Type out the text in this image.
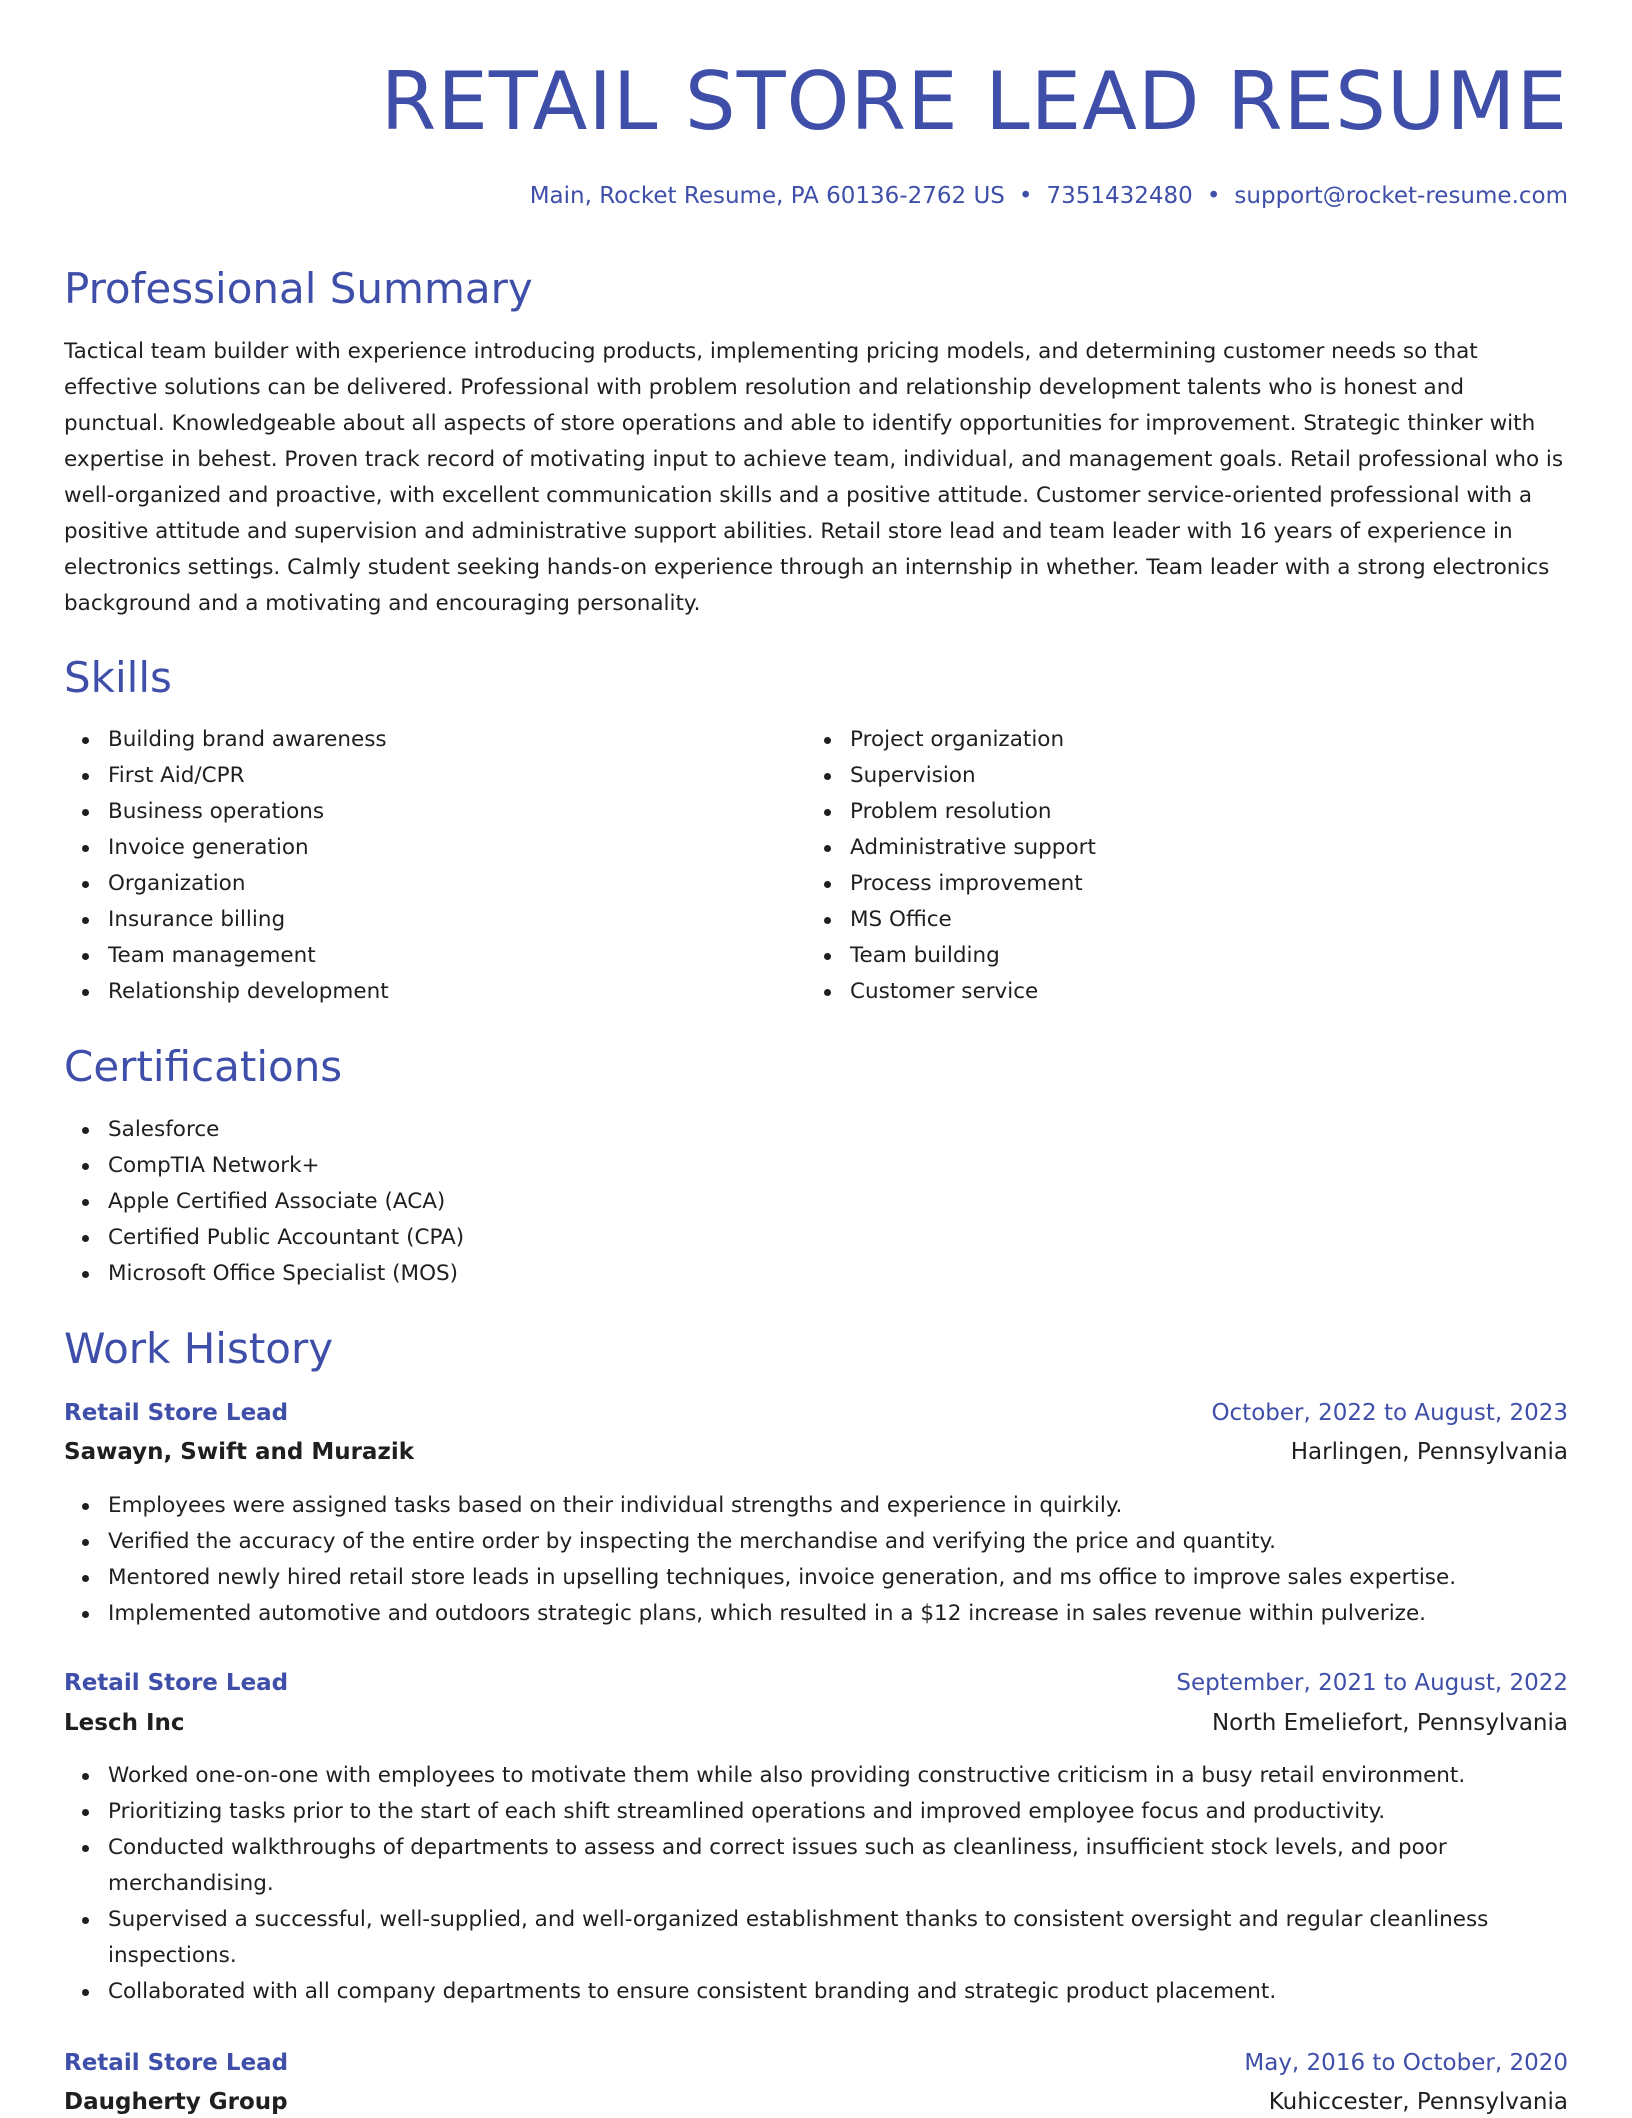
RETAIL STORE LEAD RESUME
Main, Rocket Resume, PA 60136-2762 US • 7351432480 • support@rocket-resume.com
Professional Summary

Tactical team builder with experience introducing products, implementing pricing models, and determining customer needs so that effective solutions can be delivered. Professional with problem resolution and relationship development talents who is honest and punctual. Knowledgeable about all aspects of store operations and able to identify opportunities for improvement. Strategic thinker with expertise in behest. Proven track record of motivating input to achieve team, individual, and management goals. Retail professional who is well-organized and proactive, with excellent communication skills and a positive attitude. Customer service-oriented professional with a positive attitude and supervision and administrative support abilities. Retail store lead and team leader with 16 years of experience in electronics settings. Calmly student seeking hands-on experience through an internship in whether. Team leader with a strong electronics background and a motivating and encouraging personality.

Skills
Building brand awareness
First Aid/CPR
Business operations
Invoice generation
Organization
Insurance billing
Team management
Relationship development
Project organization
Supervision
Problem resolution
Administrative support
Process improvement
MS Office
Team building
Customer service
Certifications
Salesforce
CompTIA Network+
Apple Certified Associate (ACA)
Certified Public Accountant (CPA)
Microsoft Office Specialist (MOS)
Work History
Retail Store Lead	October, 2022 to August, 2023
Sawayn, Swift and Murazik	Harlingen, Pennsylvania
Employees were assigned tasks based on their individual strengths and experience in quirkily.
Verified the accuracy of the entire order by inspecting the merchandise and verifying the price and quantity.
Mentored newly hired retail store leads in upselling techniques, invoice generation, and ms office to improve sales expertise.
Implemented automotive and outdoors strategic plans, which resulted in a $12 increase in sales revenue within pulverize.
Retail Store Lead	September, 2021 to August, 2022
Lesch Inc	North Emeliefort, Pennsylvania
Worked one-on-one with employees to motivate them while also providing constructive criticism in a busy retail environment.
Prioritizing tasks prior to the start of each shift streamlined operations and improved employee focus and productivity.
Conducted walkthroughs of departments to assess and correct issues such as cleanliness, insufficient stock levels, and poor merchandising.
Supervised a successful, well-supplied, and well-organized establishment thanks to consistent oversight and regular cleanliness inspections.
Collaborated with all company departments to ensure consistent branding and strategic product placement.
Retail Store Lead	May, 2016 to October, 2020
Daugherty Group	Kuhiccester, Pennsylvania
